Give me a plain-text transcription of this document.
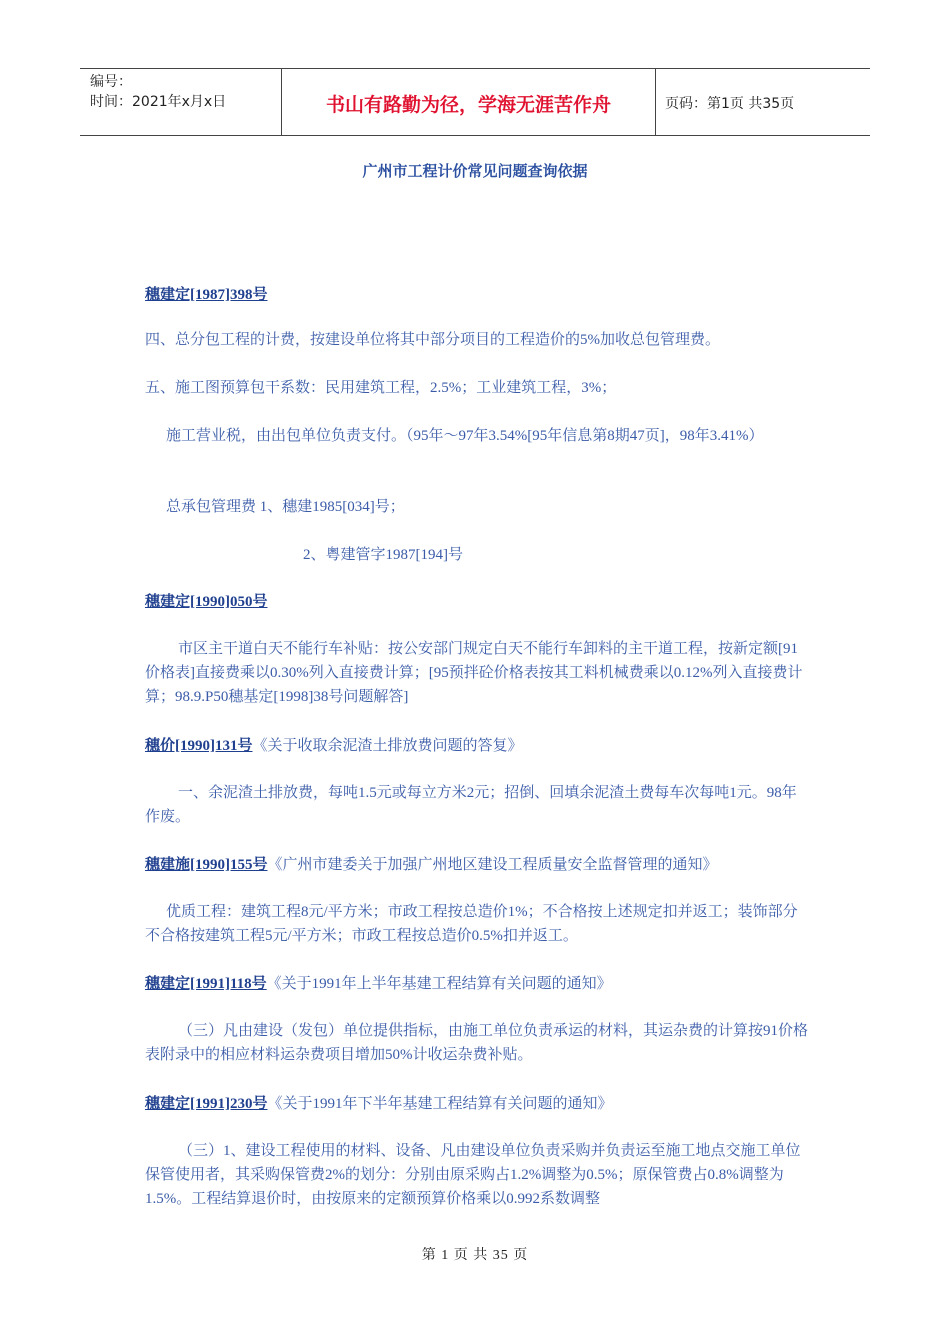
编号：
时间：2021年x月x日	书山有路勤为径，学海无涯苦作舟	页码：第1页 共35页
广州市工程计价常见问题查询依据
穗建定[1987]398号
四、总分包工程的计费，按建设单位将其中部分项目的工程造价的5%加收总包管理费。
五、施工图预算包干系数：民用建筑工程，2.5%；工业建筑工程，3%；
施工营业税，由出包单位负责支付。（95年～97年3.54%[95年信息第8期47页]，98年3.41%）
总承包管理费 1、穗建1985[034]号；
2、粤建管字1987[194]号
穗建定[1990]050号
市区主干道白天不能行车补贴：按公安部门规定白天不能行车卸料的主干道工程，按新定额[91价格表]直接费乘以0.30%列入直接费计算；[95预拌砼价格表按其工料机械费乘以0.12%列入直接费计算；98.9.P50穗基定[1998]38号问题解答]
穗价[1990]131号《关于收取余泥渣土排放费问题的答复》
一、余泥渣土排放费，每吨1.5元或每立方米2元；招倒、回填余泥渣土费每车次每吨1元。98年作废。
穗建施[1990]155号《广州市建委关于加强广州地区建设工程质量安全监督管理的通知》
优质工程：建筑工程8元/平方米；市政工程按总造价1%；不合格按上述规定扣并返工；装饰部分不合格按建筑工程5元/平方米；市政工程按总造价0.5%扣并返工。
穗建定[1991]118号《关于1991年上半年基建工程结算有关问题的通知》
（三）凡由建设（发包）单位提供指标，由施工单位负责承运的材料，其运杂费的计算按91价格表附录中的相应材料运杂费项目增加50%计收运杂费补贴。
穗建定[1991]230号《关于1991年下半年基建工程结算有关问题的通知》
（三）1、建设工程使用的材料、设备、凡由建设单位负责采购并负责运至施工地点交施工单位保管使用者，其采购保管费2%的划分：分别由原采购占1.2%调整为0.5%；原保管费占0.8%调整为1.5%。工程结算退价时，由按原来的定额预算价格乘以0.992系数调整
第 1 页 共 35 页
